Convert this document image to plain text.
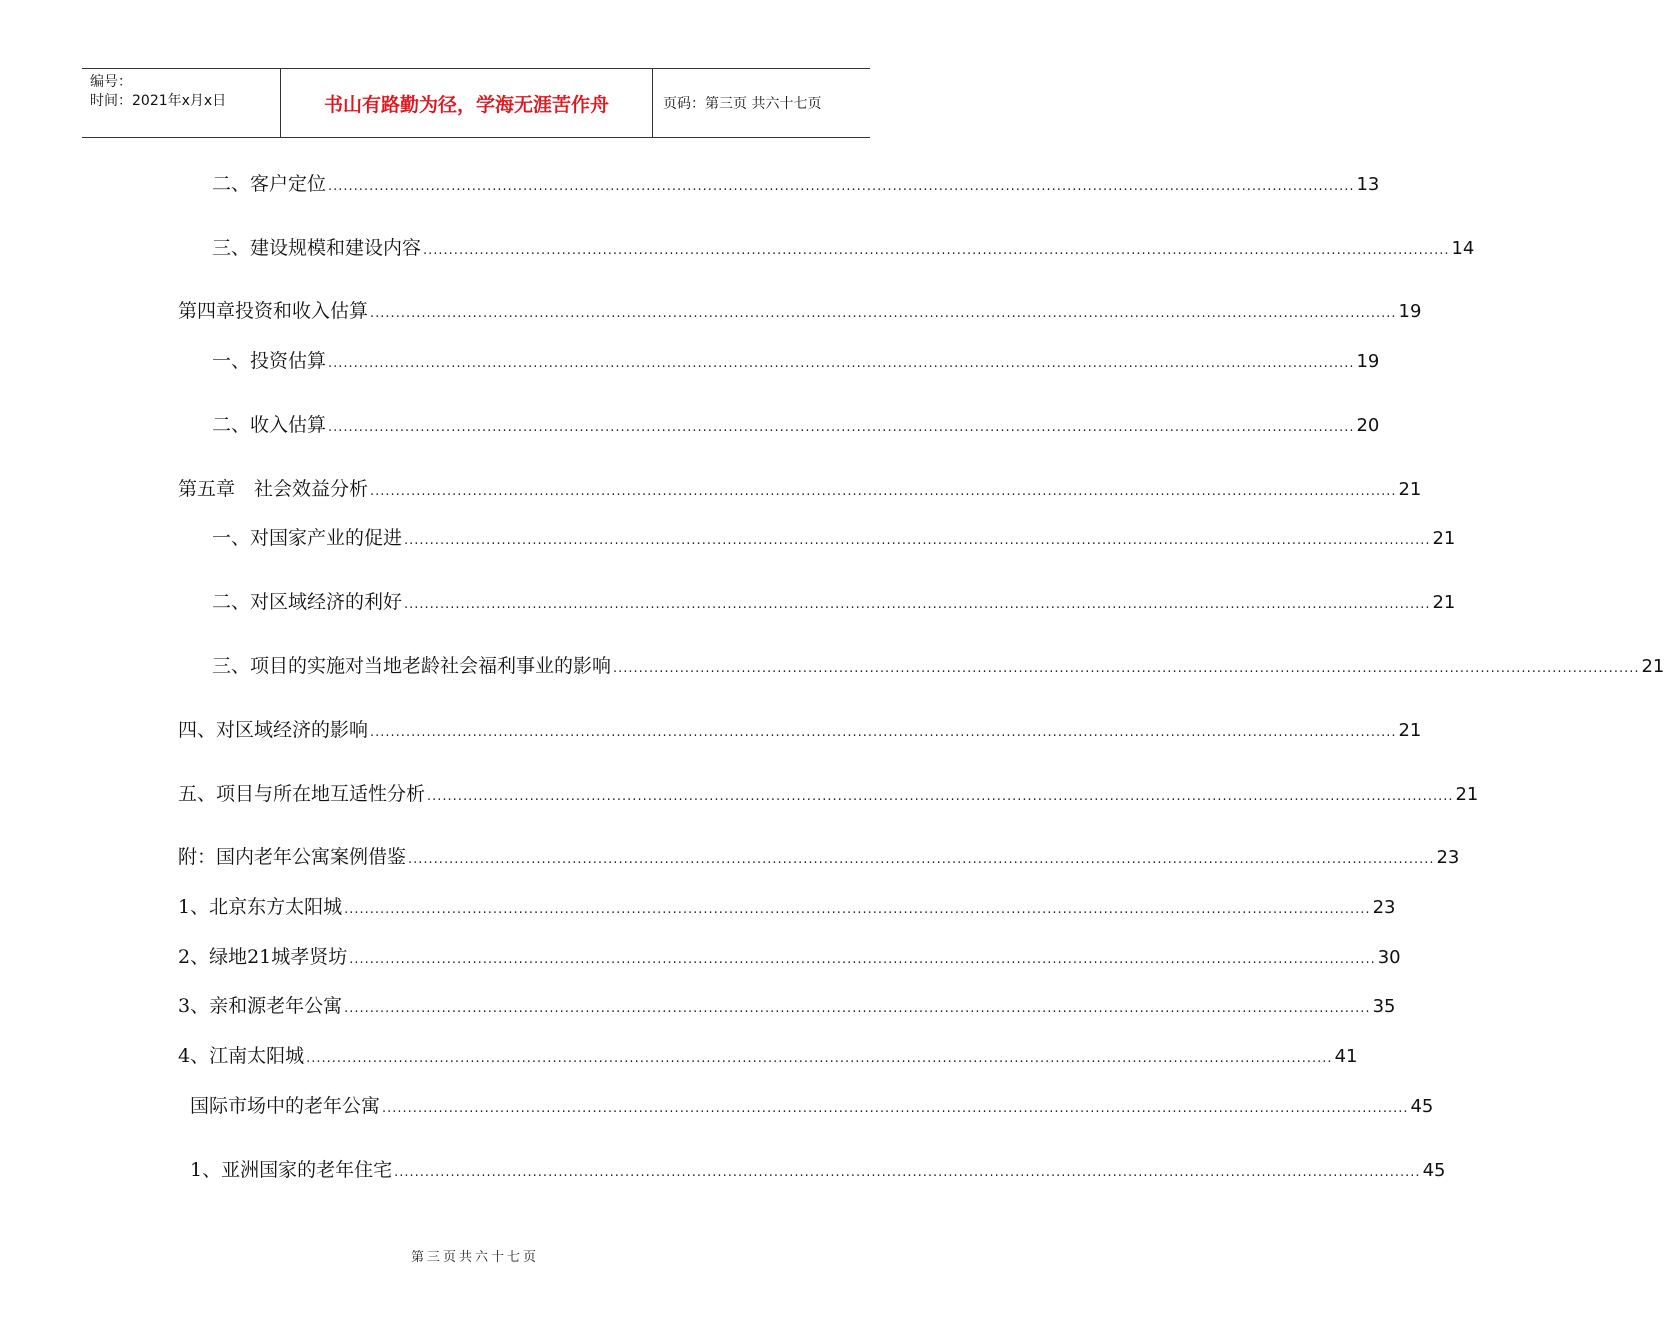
编号：
时间：2021年x月x日	书山有路勤为径，学海无涯苦作舟	页码：第三页 共六十七页
二、客户定位 ........................................................................................................................................................................................................ 13
三、建设规模和建设内容 ........................................................................................................................................................................................................ 14
第四章 投资和收入估算 ........................................................................................................................................................................................................ 19
一、投资估算 ........................................................................................................................................................................................................ 19
二、收入估算 ........................................................................................................................................................................................................ 20
第五章　社会效益分析 ........................................................................................................................................................................................................ 21
一、对国家产业的促进 ........................................................................................................................................................................................................ 21
二、对区域经济的利好 ........................................................................................................................................................................................................ 21
三、项目的实施对当地老龄社会福利事业的影响 ........................................................................................................................................................................................................ 21
四、对区域经济的影响 ........................................................................................................................................................................................................ 21
五、项目与所在地互适性分析 ........................................................................................................................................................................................................ 21
附：国内老年公寓案例借鉴 ........................................................................................................................................................................................................ 23
1、北京东方太阳城 ........................................................................................................................................................................................................ 23
2、绿地21城孝贤坊 ........................................................................................................................................................................................................ 30
3、亲和源老年公寓 ........................................................................................................................................................................................................ 35
4、江南太阳城 ........................................................................................................................................................................................................ 41
国际市场中的老年公寓 ........................................................................................................................................................................................................ 45
1、亚洲国家的老年住宅 ........................................................................................................................................................................................................ 45
第三页共六十七页
